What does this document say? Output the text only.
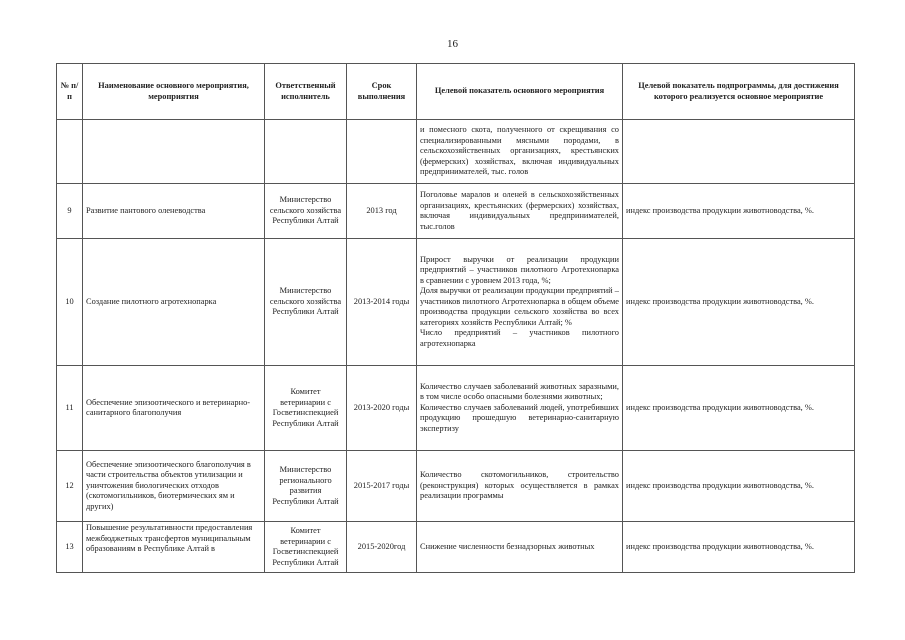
16
№ п/п	Наименование основного мероприятия, мероприятия	Ответственный исполнитель	Срок выполнения	Целевой показатель основного мероприятия	Целевой показатель подпрограммы, для достижения которого реализуется основное мероприятие

				и помесного скота, полученного от скрещивания со специализированными мясными породами, в сельскохозяйственных организациях, крестьянских (фермерских) хозяйствах, включая индивидуальных предпринимателей, тыс. голов	

9	Развитие пантового оленеводства	Министерство сельского хозяйства Республики Алтай	2013 год	Поголовье маралов и оленей в сельскохозяйственных организациях, крестьянских (фермерских) хозяйствах, включая индивидуальных предпринимателей, тыс.голов	индекс производства продукции животноводства, %.
10	Создание пилотного агротехнопарка	Министерство сельского хозяйства Республики Алтай	2013-2014 годы	Прирост выручки от реализации продукции предприятий – участников пилотного Агротехнопарка в сравнении с уровнем 2013 года, %;
Доля выручки от реализации продукции предприятий – участников пилотного Агротехнопарка в общем объеме производства продукции сельского хозяйства во всех категориях хозяйств Республики Алтай; %
Число предприятий – участников пилотного агротехнопарка	индекс производства продукции животноводства, %.
11	Обеспечение эпизоотического и ветеринарно-санитарного благополучия	Комитет ветеринарии с Госветинспекцией Республики Алтай	2013-2020 годы	Количество случаев заболеваний животных заразными, в том числе особо опасными болезнями животных;
Количество случаев заболеваний людей, употребивших продукцию прошедшую ветеринарно-санитарную экспертизу	индекс производства продукции животноводства, %.
12	Обеспечение эпизоотического благополучия в части строительства объектов утилизации и уничтожения биологических отходов (скотомогильников, биотермических ям и других)	Министерство регионального развития Республики Алтай	2015-2017 годы	Количество скотомогильников, строительство (реконструкция) которых осуществляется в рамках реализации программы	индекс производства продукции животноводства, %.
13	Повышение результативности предоставления межбюджетных трансфертов муниципальным образованиям в Республике Алтай в	Комитет ветеринарии с Госветинспекцией Республики Алтай	2015-2020год	Снижение численности безнадзорных животных	индекс производства продукции животноводства, %.
